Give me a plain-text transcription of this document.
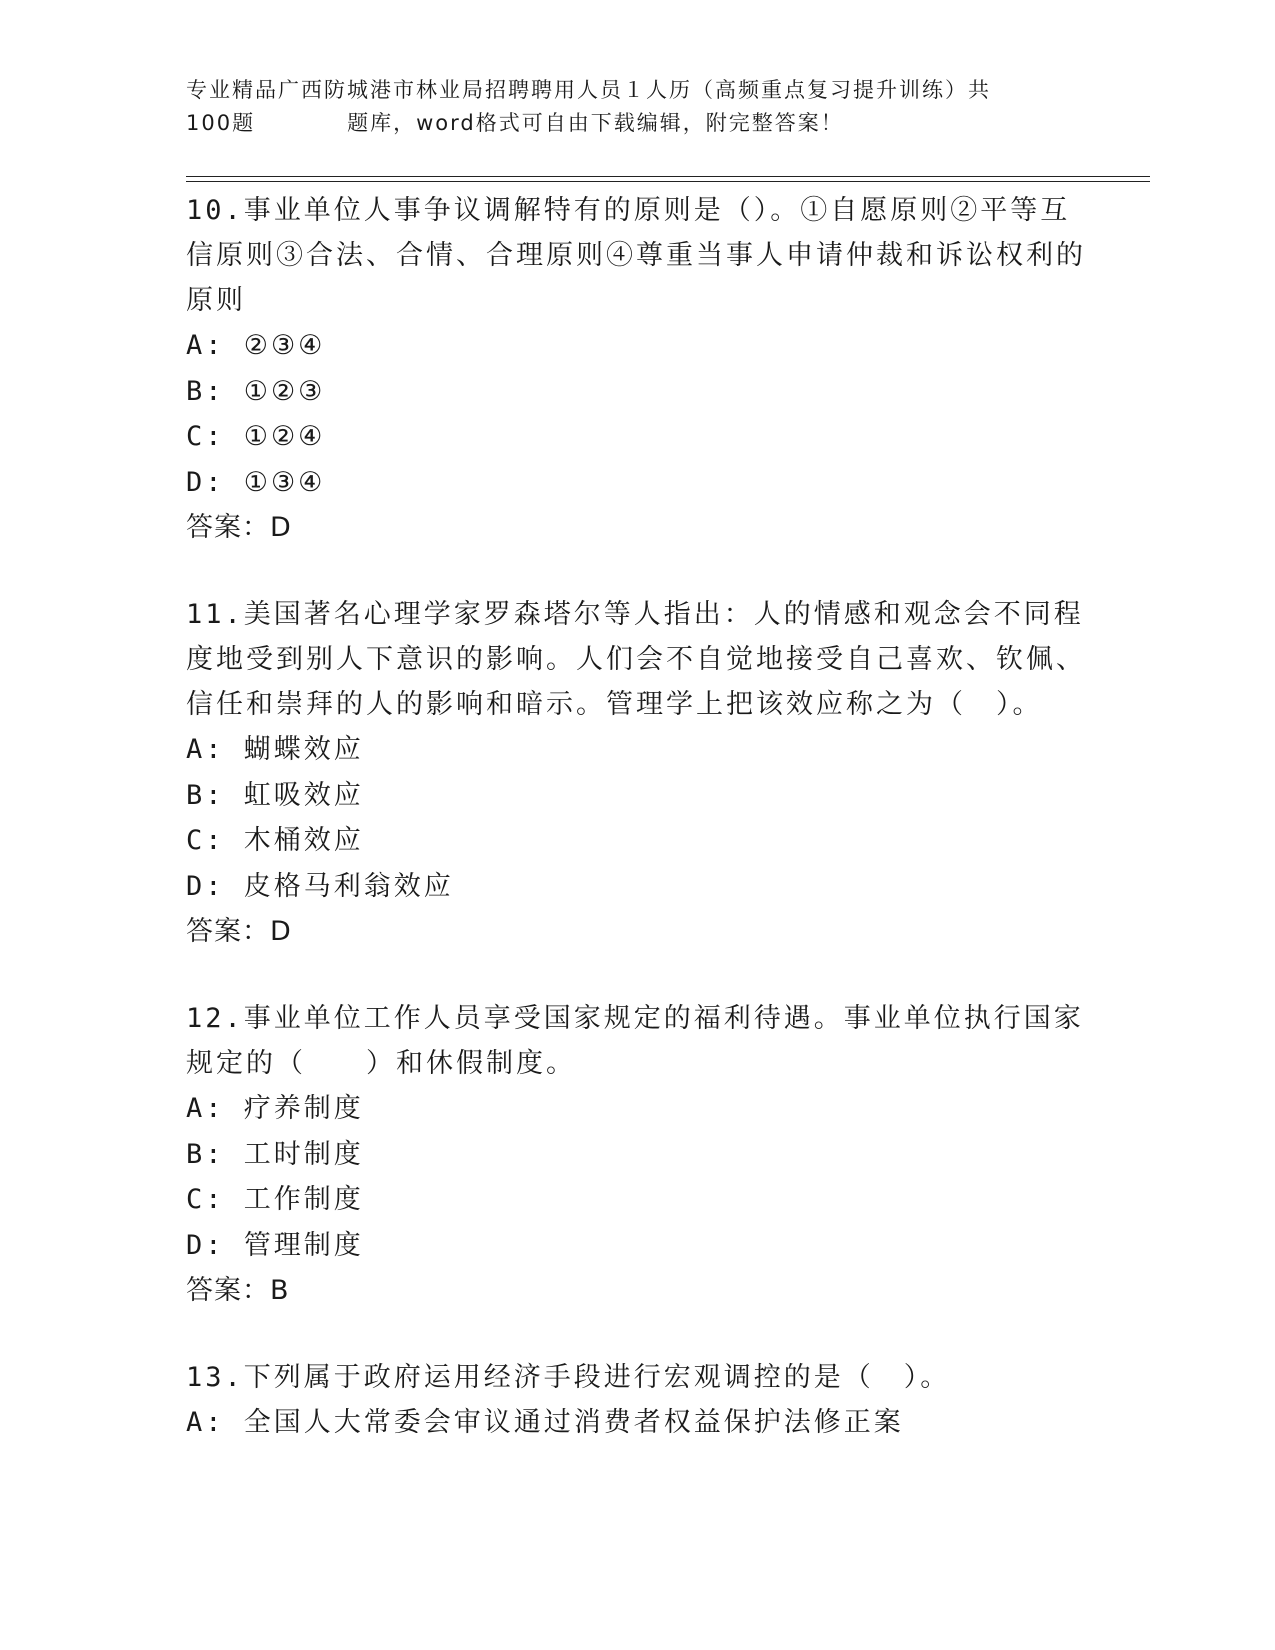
专业精品广西防城港市林业局招聘聘用人员１人历（高频重点复习提升训练）共
100题　　　　题库，word格式可自由下载编辑，附完整答案！

10.事业单位人事争议调解特有的原则是（）。①自愿原则②平等互信原则③合法、合情、合理原则④尊重当事人申请仲裁和诉讼权利的原则

A: ②③④

B: ①②③

C: ①②④

D: ①③④

答案：D

11.美国著名心理学家罗森塔尔等人指出：人的情感和观念会不同程度地受到别人下意识的影响。人们会不自觉地接受自己喜欢、钦佩、信任和崇拜的人的影响和暗示。管理学上把该效应称之为（　）。

A: 蝴蝶效应

B: 虹吸效应

C: 木桶效应

D: 皮格马利翁效应

答案：D

12.事业单位工作人员享受国家规定的福利待遇。事业单位执行国家规定的（　　）和休假制度。

A: 疗养制度

B: 工时制度

C: 工作制度

D: 管理制度

答案：B

13.下列属于政府运用经济手段进行宏观调控的是（　）。

A: 全国人大常委会审议通过消费者权益保护法修正案
